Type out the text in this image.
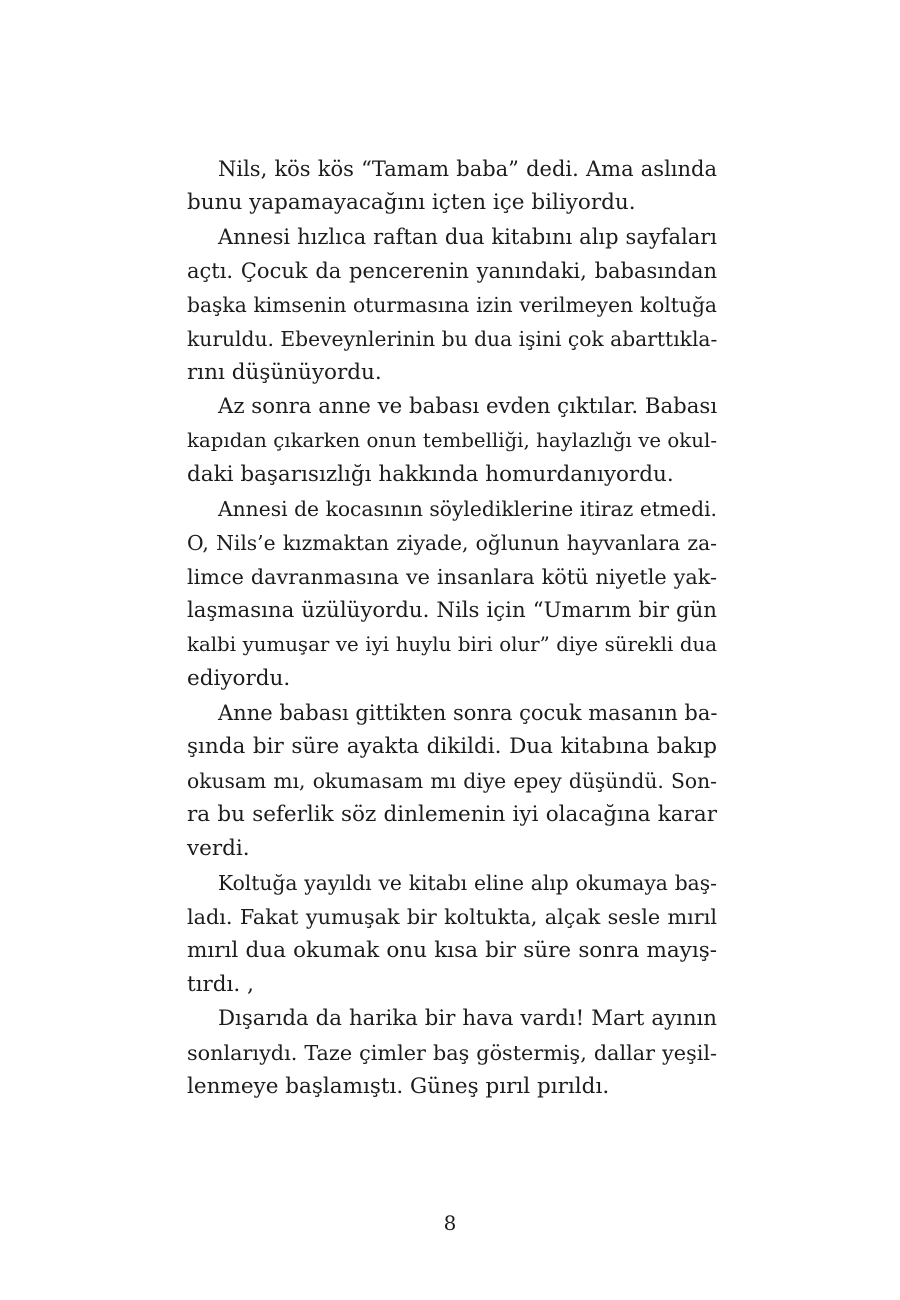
Nils, kös kös “Tamam baba” dedi. Ama aslında
bunu yapamayacağını içten içe biliyordu.
Annesi hızlıca raftan dua kitabını alıp sayfaları
açtı. Çocuk da pencerenin yanındaki, babasından
başka kimsenin oturmasına izin verilmeyen koltuğa
kuruldu. Ebeveynlerinin bu dua işini çok abarttıkla-
rını düşünüyordu.
Az sonra anne ve babası evden çıktılar. Babası
kapıdan çıkarken onun tembelliği, haylazlığı ve okul-
daki başarısızlığı hakkında homurdanıyordu.
Annesi de kocasının söylediklerine itiraz etmedi.
O, Nils’e kızmaktan ziyade, oğlunun hayvanlara za-
limce davranmasına ve insanlara kötü niyetle yak-
laşmasına üzülüyordu. Nils için “Umarım bir gün
kalbi yumuşar ve iyi huylu biri olur” diye sürekli dua
ediyordu.
Anne babası gittikten sonra çocuk masanın ba-
şında bir süre ayakta dikildi. Dua kitabına bakıp
okusam mı, okumasam mı diye epey düşündü. Son-
ra bu seferlik söz dinlemenin iyi olacağına karar
verdi.
Koltuğa yayıldı ve kitabı eline alıp okumaya baş-
ladı. Fakat yumuşak bir koltukta, alçak sesle mırıl
mırıl dua okumak onu kısa bir süre sonra mayış-
tırdı. ,
Dışarıda da harika bir hava vardı! Mart ayının
sonlarıydı. Taze çimler baş göstermiş, dallar yeşil-
lenmeye başlamıştı. Güneş pırıl pırıldı.
8
